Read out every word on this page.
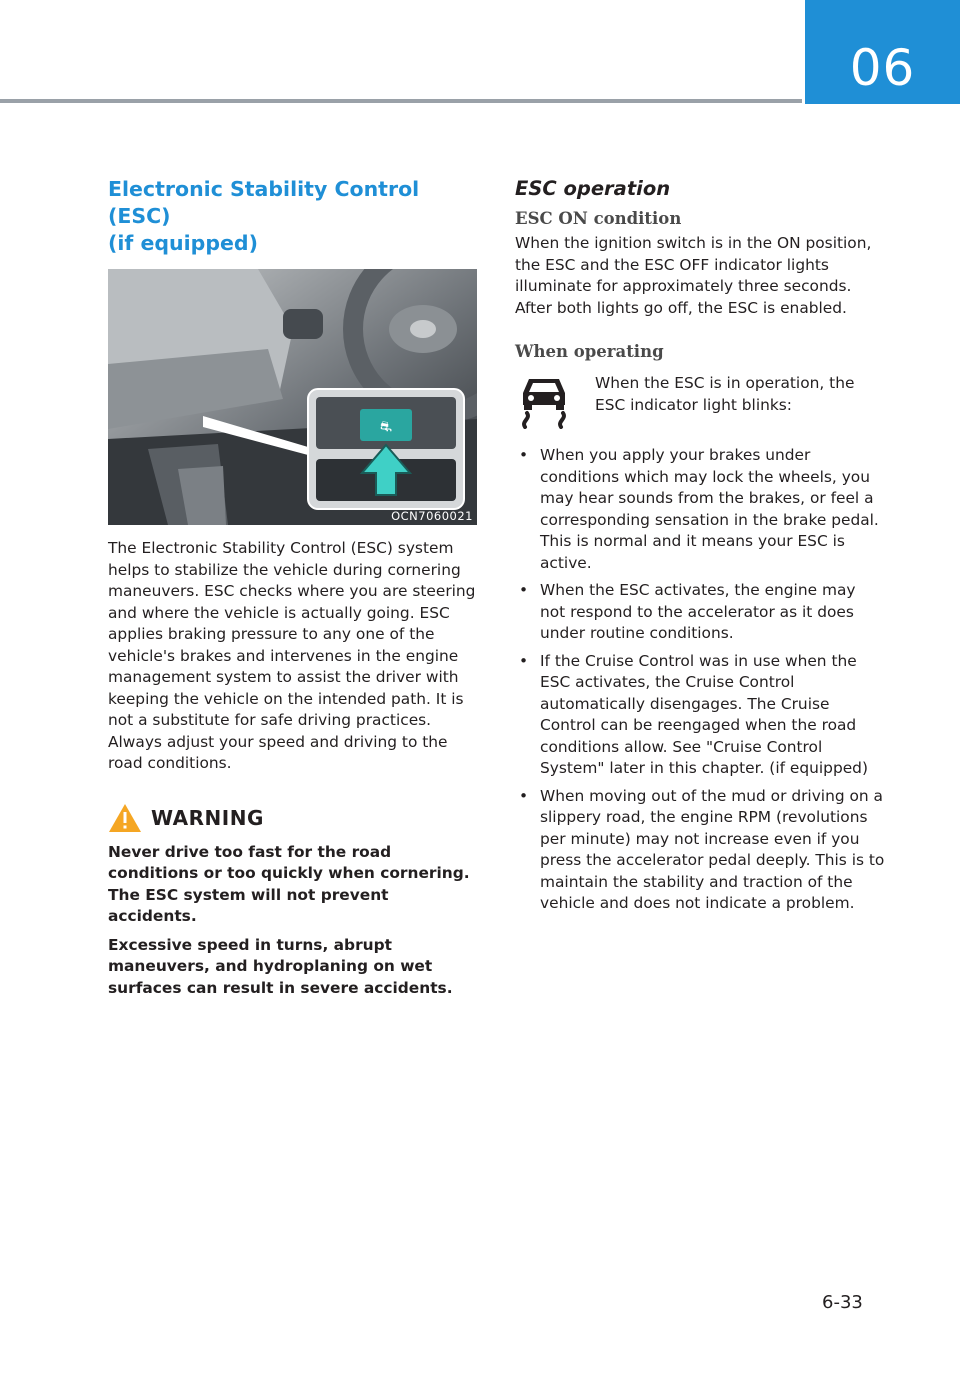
06
Electronic Stability Control (ESC)
(if equipped)
⛐
OCN7060021

The Electronic Stability Control (ESC) system helps to stabilize the vehicle during cornering maneuvers. ESC checks where you are steering and where the vehicle is actually going. ESC applies braking pressure to any one of the vehicle's brakes and intervenes in the engine management system to assist the driver with keeping the vehicle on the intended path. It is not a substitute for safe driving practices. Always adjust your speed and driving to the road conditions.

WARNING

Never drive too fast for the road conditions or too quickly when cornering. The ESC system will not prevent accidents.

Excessive speed in turns, abrupt maneuvers, and hydroplaning on wet surfaces can result in severe accidents.

ESC operation
ESC ON condition

When the ignition switch is in the ON position, the ESC and the ESC OFF indicator lights illuminate for approximately three seconds. After both lights go off, the ESC is enabled.

When operating
When the ESC is in operation, the ESC indicator light blinks:
• When you apply your brakes under conditions which may lock the wheels, you may hear sounds from the brakes, or feel a corresponding sensation in the brake pedal. This is normal and it means your ESC is active.
• When the ESC activates, the engine may not respond to the accelerator as it does under routine conditions.
• If the Cruise Control was in use when the ESC activates, the Cruise Control automatically disengages. The Cruise Control can be reengaged when the road conditions allow. See "Cruise Control System" later in this chapter. (if equipped)
• When moving out of the mud or driving on a slippery road, the engine RPM (revolutions per minute) may not increase even if you press the accelerator pedal deeply. This is to maintain the stability and traction of the vehicle and does not indicate a problem.
6-33
